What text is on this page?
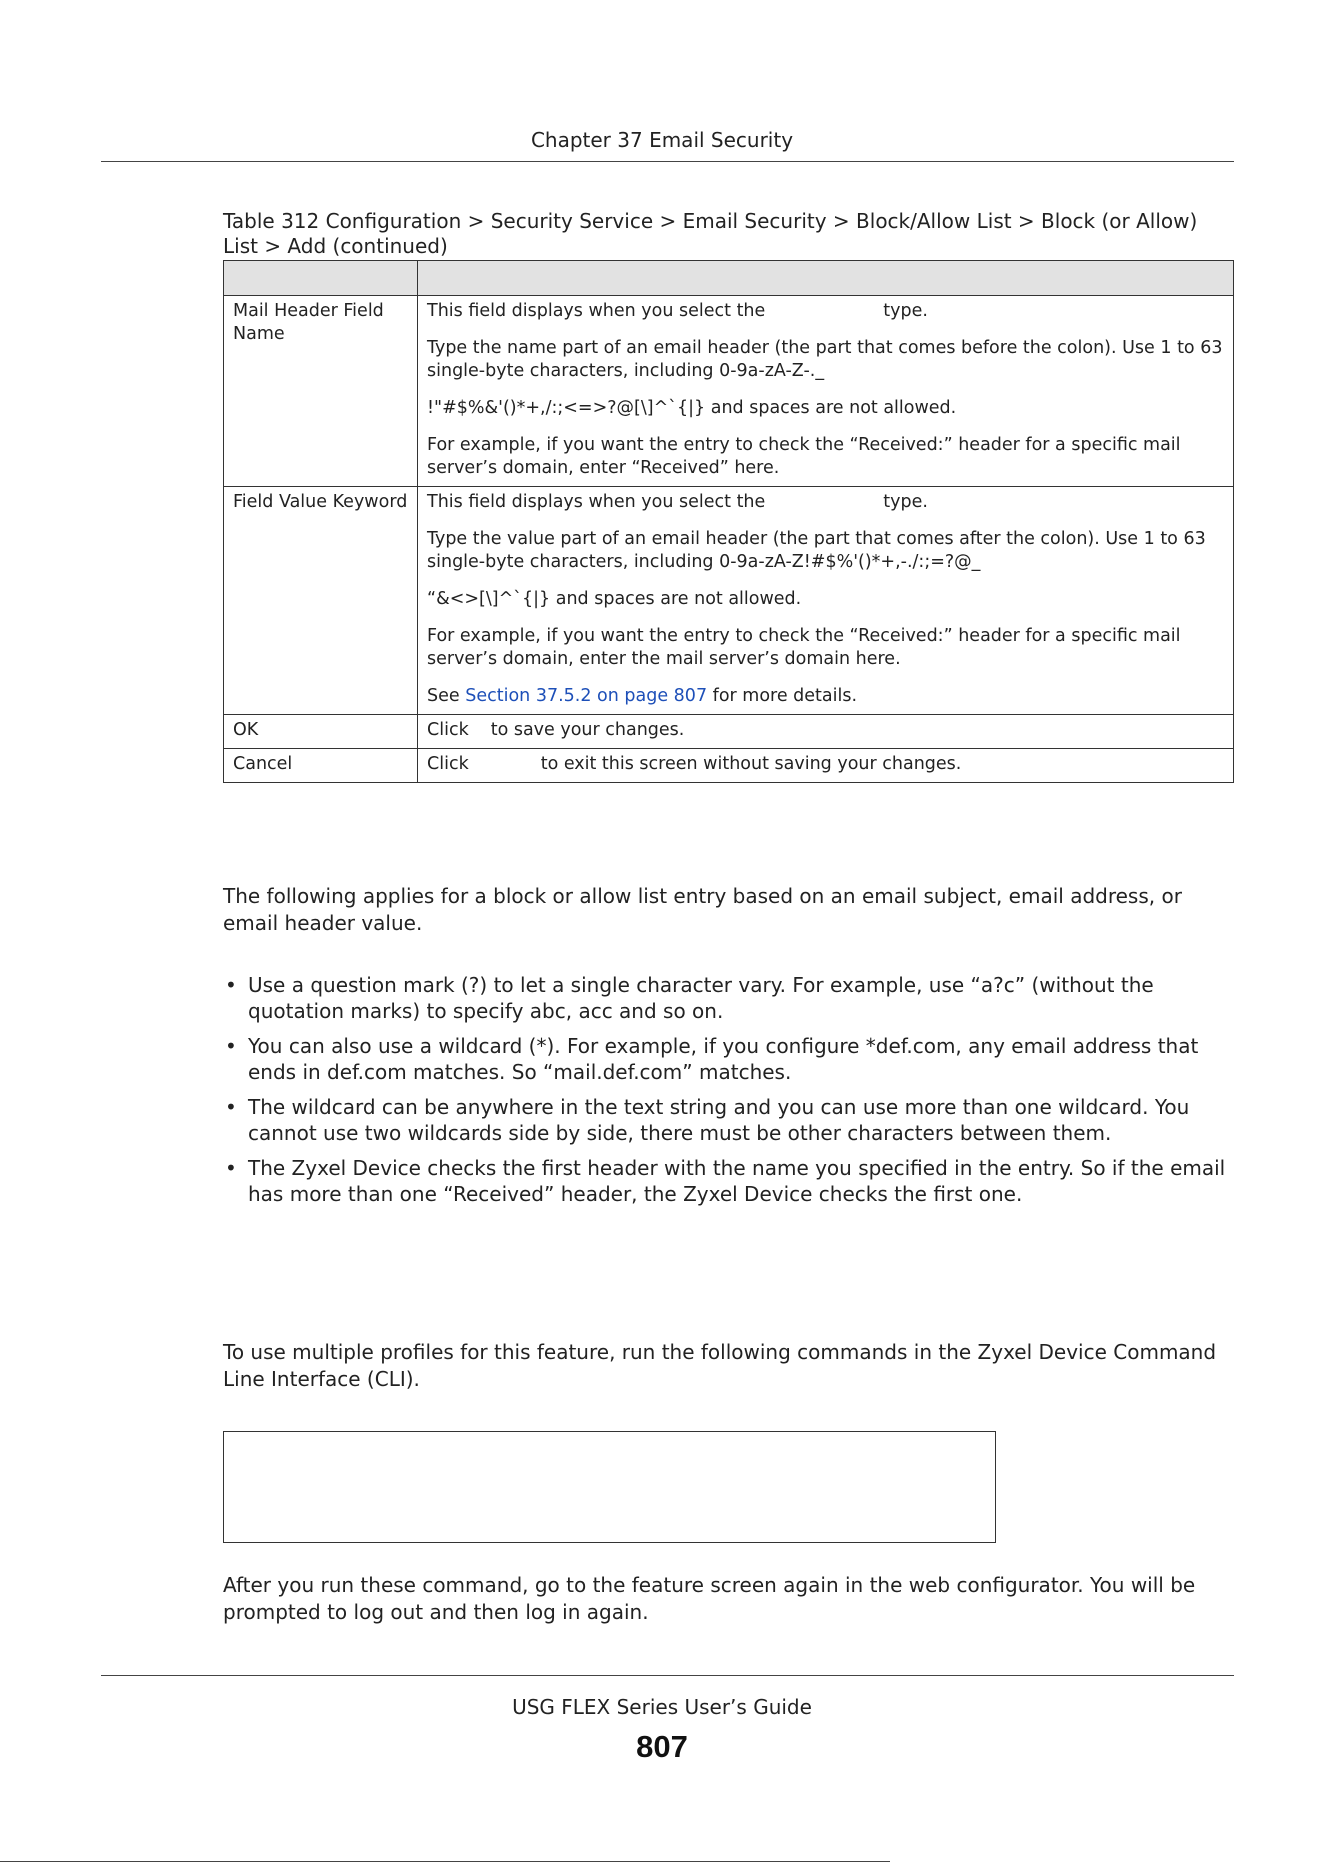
Chapter 37 Email Security
Table 312 Configuration > Security Service > Email Security > Block/Allow List > Block (or Allow) List > Add (continued)

Mail Header Field Name	This field displays when you select the type.

Type the name part of an email header (the part that comes before the colon). Use 1 to 63 single-byte characters, including 0-9a-zA-Z-._

!"#$%&'()*+,/:;<=>?@[\]^`{|} and spaces are not allowed.

For example, if you want the entry to check the “Received:” header for a specific mail server’s domain, enter “Received” here.

Field Value Keyword	This field displays when you select the type.

Type the value part of an email header (the part that comes after the colon). Use 1 to 63 single-byte characters, including 0-9a-zA-Z!#$%'()*+,-./:;=?@_

“&<>[\]^`{|} and spaces are not allowed.

For example, if you want the entry to check the “Received:” header for a specific mail server’s domain, enter the mail server’s domain here.

See Section 37.5.2 on page 807 for more details.

OK	Click to save your changes.
Cancel	Click to exit this screen without saving your changes.
The following applies for a block or allow list entry based on an email subject, email address, or email header value.
• Use a question mark (?) to let a single character vary. For example, use “a?c” (without the quotation marks) to specify abc, acc and so on.
• You can also use a wildcard (*). For example, if you configure *def.com, any email address that ends in def.com matches. So “mail.def.com” matches.
• The wildcard can be anywhere in the text string and you can use more than one wildcard. You cannot use two wildcards side by side, there must be other characters between them.
• The Zyxel Device checks the first header with the name you specified in the entry. So if the email has more than one “Received” header, the Zyxel Device checks the first one.
To use multiple profiles for this feature, run the following commands in the Zyxel Device Command Line Interface (CLI).
After you run these command, go to the feature screen again in the web configurator. You will be prompted to log out and then log in again.
USG FLEX Series User’s Guide
807
